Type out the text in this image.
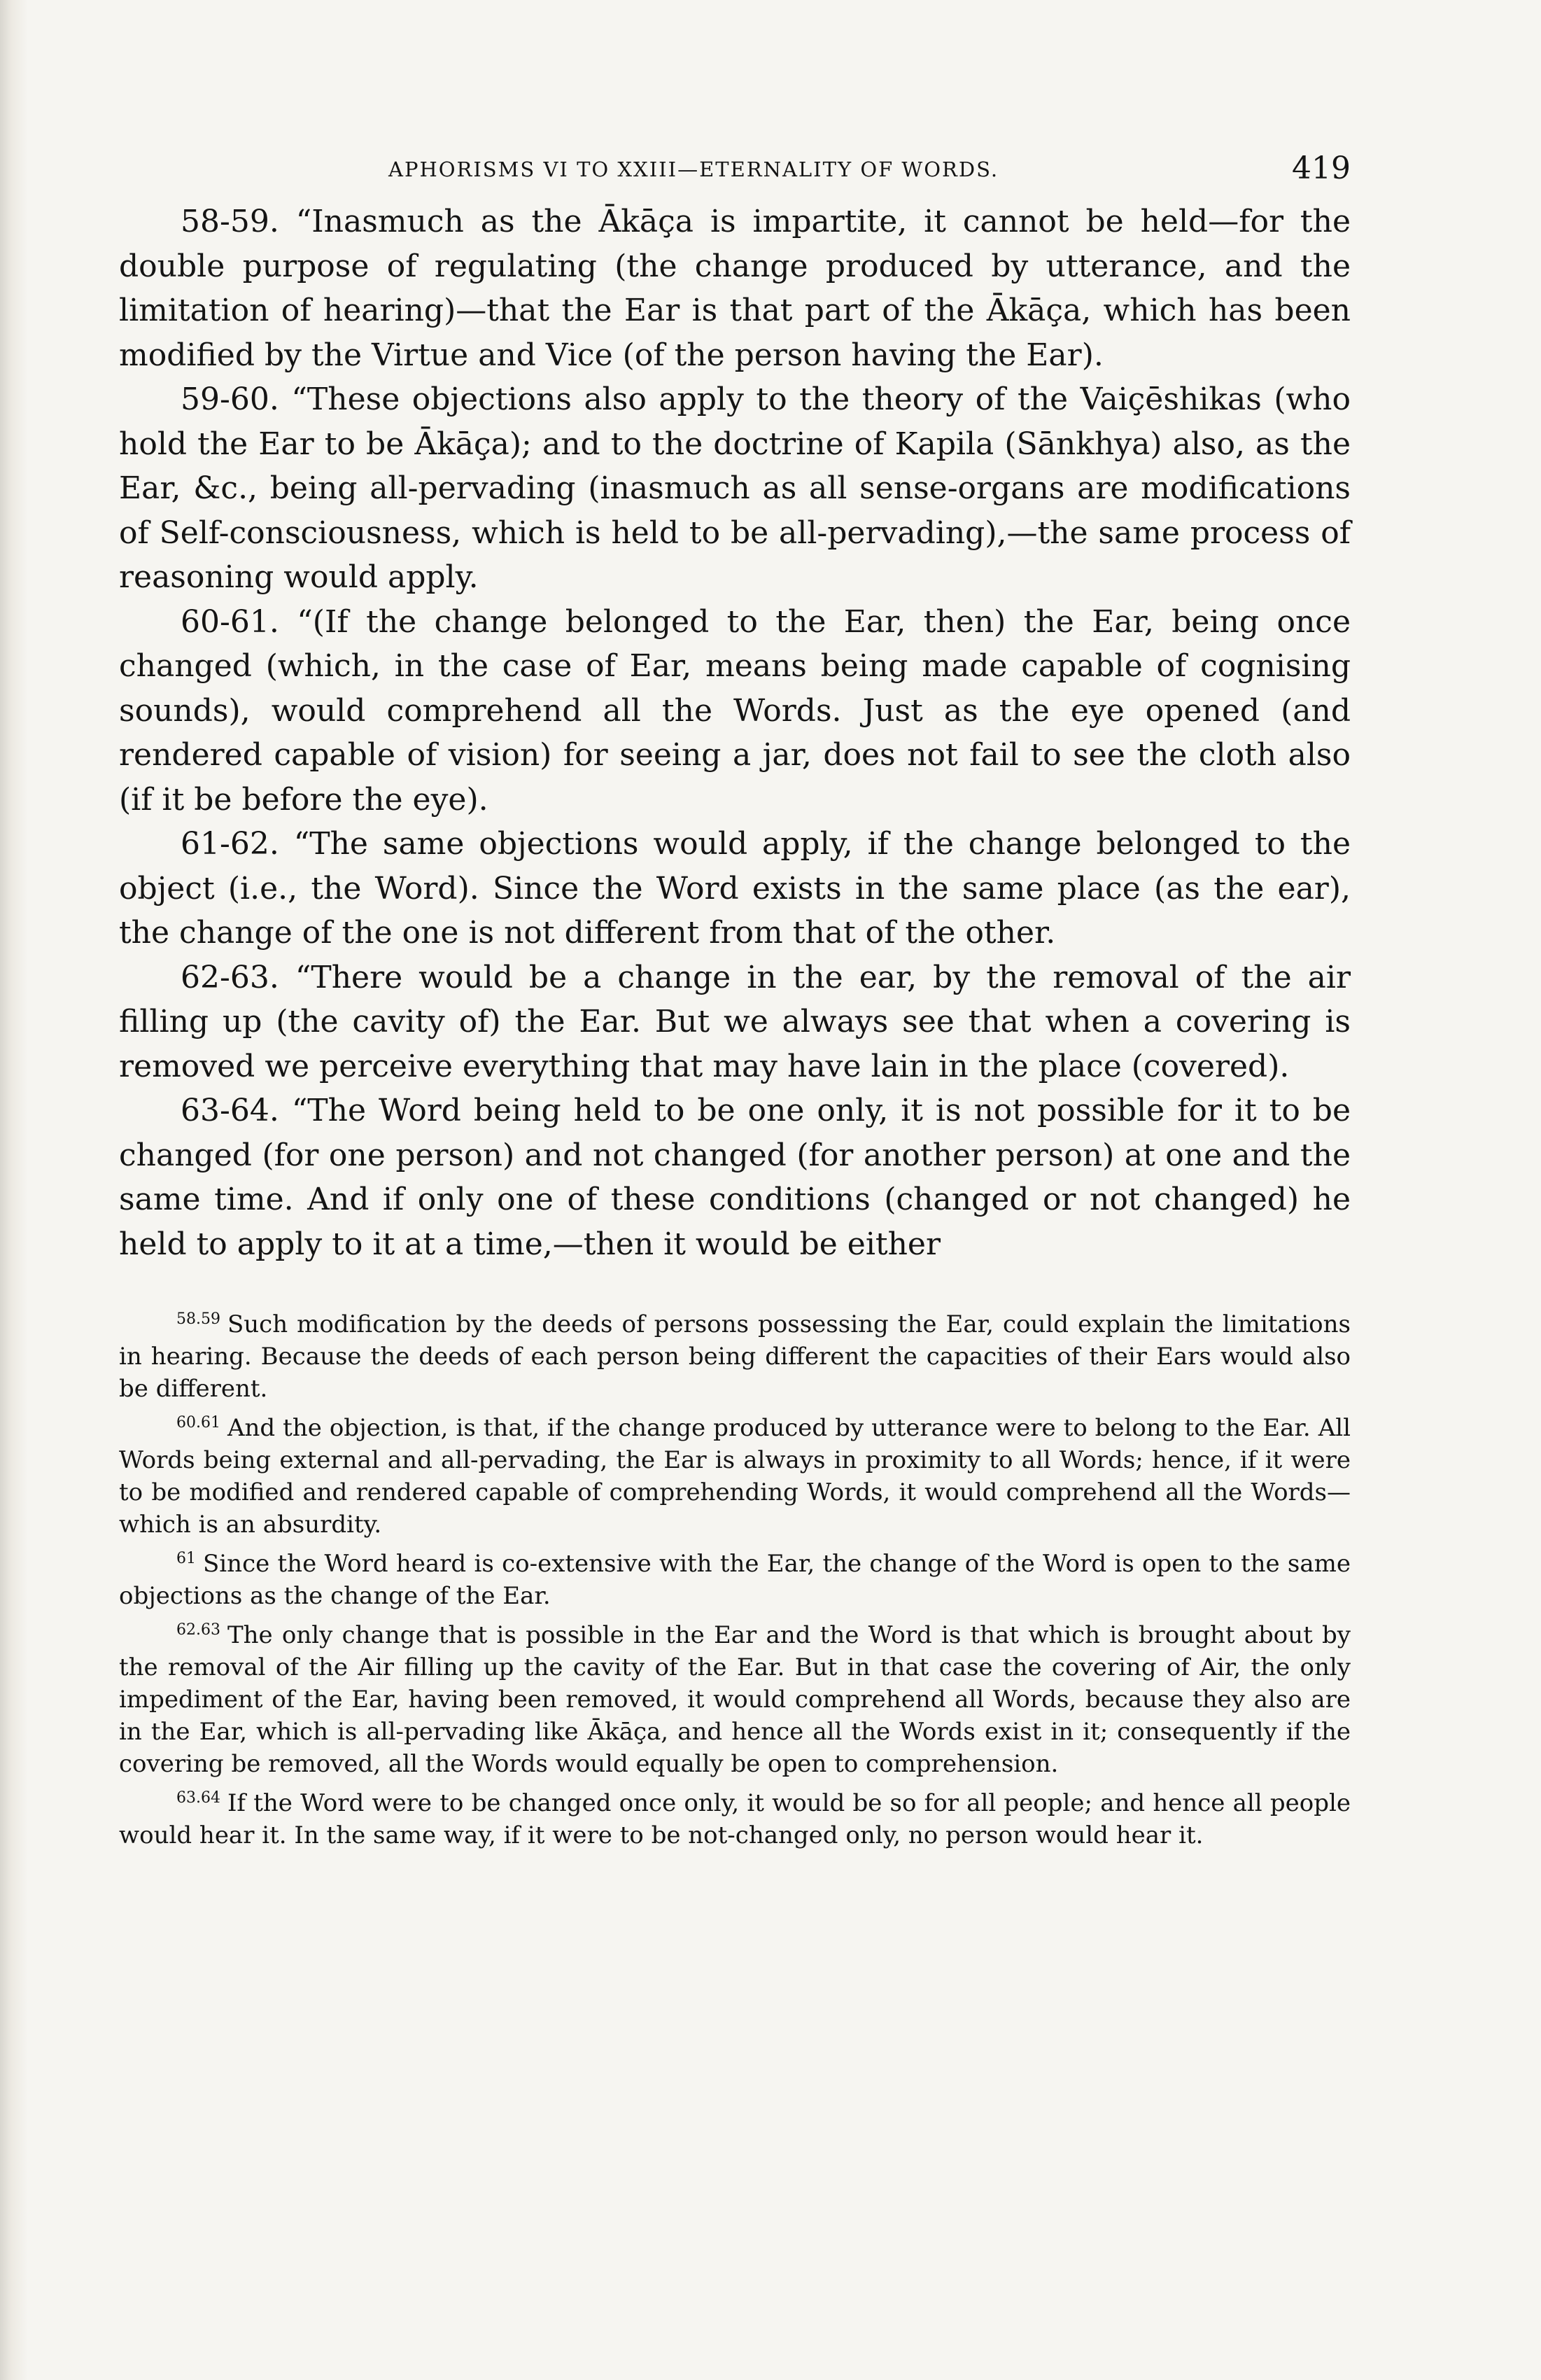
APHORISMS VI TO XXIII—ETERNALITY OF WORDS.	419

58-59. “Inasmuch as the Ākāça is impartite, it cannot be held—for the double purpose of regulating (the change produced by utterance, and the limitation of hearing)—that the Ear is that part of the Ākāça, which has been modified by the Virtue and Vice (of the person having the Ear).

59-60. “These objections also apply to the theory of the Vaiçēshikas (who hold the Ear to be Ākāça); and to the doctrine of Kapila (Sānkhya) also, as the Ear, &c., being all-pervading (inasmuch as all sense-organs are modifications of Self-consciousness, which is held to be all-pervading),—the same process of reasoning would apply.

60-61. “(If the change belonged to the Ear, then) the Ear, being once changed (which, in the case of Ear, means being made capable of cognising sounds), would comprehend all the Words. Just as the eye opened (and rendered capable of vision) for seeing a jar, does not fail to see the cloth also (if it be before the eye).

61-62. “The same objections would apply, if the change belonged to the object (i.e., the Word). Since the Word exists in the same place (as the ear), the change of the one is not different from that of the other.

62-63. “There would be a change in the ear, by the removal of the air filling up (the cavity of) the Ear. But we always see that when a covering is removed we perceive everything that may have lain in the place (covered).

63-64. “The Word being held to be one only, it is not possible for it to be changed (for one person) and not changed (for another person) at one and the same time. And if only one of these conditions (changed or not changed) he held to apply to it at a time,—then it would be either

$^{58.59}$ Such modification by the deeds of persons possessing the Ear, could explain the limitations in hearing. Because the deeds of each person being different the capacities of their Ears would also be different.

$^{60.61}$ And the objection, is that, if the change produced by utterance were to belong to the Ear. All Words being external and all-pervading, the Ear is always in proximity to all Words; hence, if it were to be modified and rendered capable of comprehending Words, it would comprehend all the Words—which is an absurdity.

$^{61}$ Since the Word heard is co-extensive with the Ear, the change of the Word is open to the same objections as the change of the Ear.

$^{62.63}$ The only change that is possible in the Ear and the Word is that which is brought about by the removal of the Air filling up the cavity of the Ear. But in that case the covering of Air, the only impediment of the Ear, having been removed, it would comprehend all Words, because they also are in the Ear, which is all-pervading like Ākāça, and hence all the Words exist in it; consequently if the covering be removed, all the Words would equally be open to comprehension.

$^{63.64}$ If the Word were to be changed once only, it would be so for all people; and hence all people would hear it. In the same way, if it were to be not-changed only, no person would hear it.
